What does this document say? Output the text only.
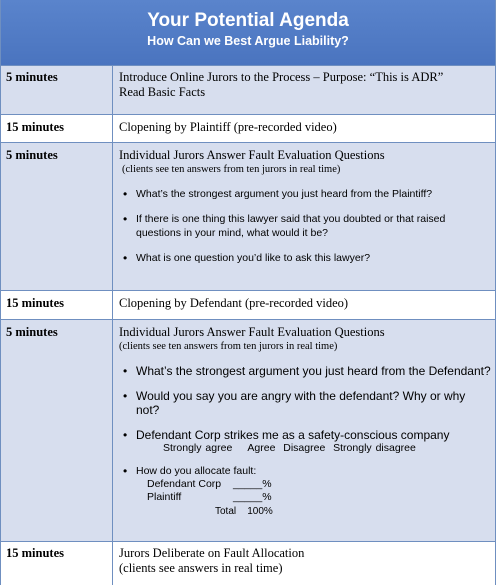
Your Potential Agenda
How Can we Best Argue Liability?
5 minutes	Introduce Online Jurors to the Process – Purpose: “This is ADR”
Read Basic Facts
15 minutes	Clopening by Plaintiff (pre-recorded video)
5 minutes	Individual Jurors Answer Fault Evaluation Questions
(clients see ten answers from ten jurors in real time)
• What’s the strongest argument you just heard from the Plaintiff?
• If there is one thing this lawyer said that you doubted or that raised questions in your mind, what would it be?
• What is one question you’d like to ask this lawyer?
15 minutes	Clopening by Defendant (pre-recorded video)
5 minutes	Individual Jurors Answer Fault Evaluation Questions
(clients see ten answers from ten jurors in real time)
• What’s the strongest argument you just heard from the Defendant?
• Would you say you are angry with the defendant? Why or why not?
• Defendant Corp strikes me as a safety-conscious company
Strongly agree Agree Disagree Strongly disagree
• How do you allocate fault:
Defendant Corp _____%
Plaintiff	_____%
Total 100%
15 minutes	Jurors Deliberate on Fault Allocation
(clients see answers in real time)
